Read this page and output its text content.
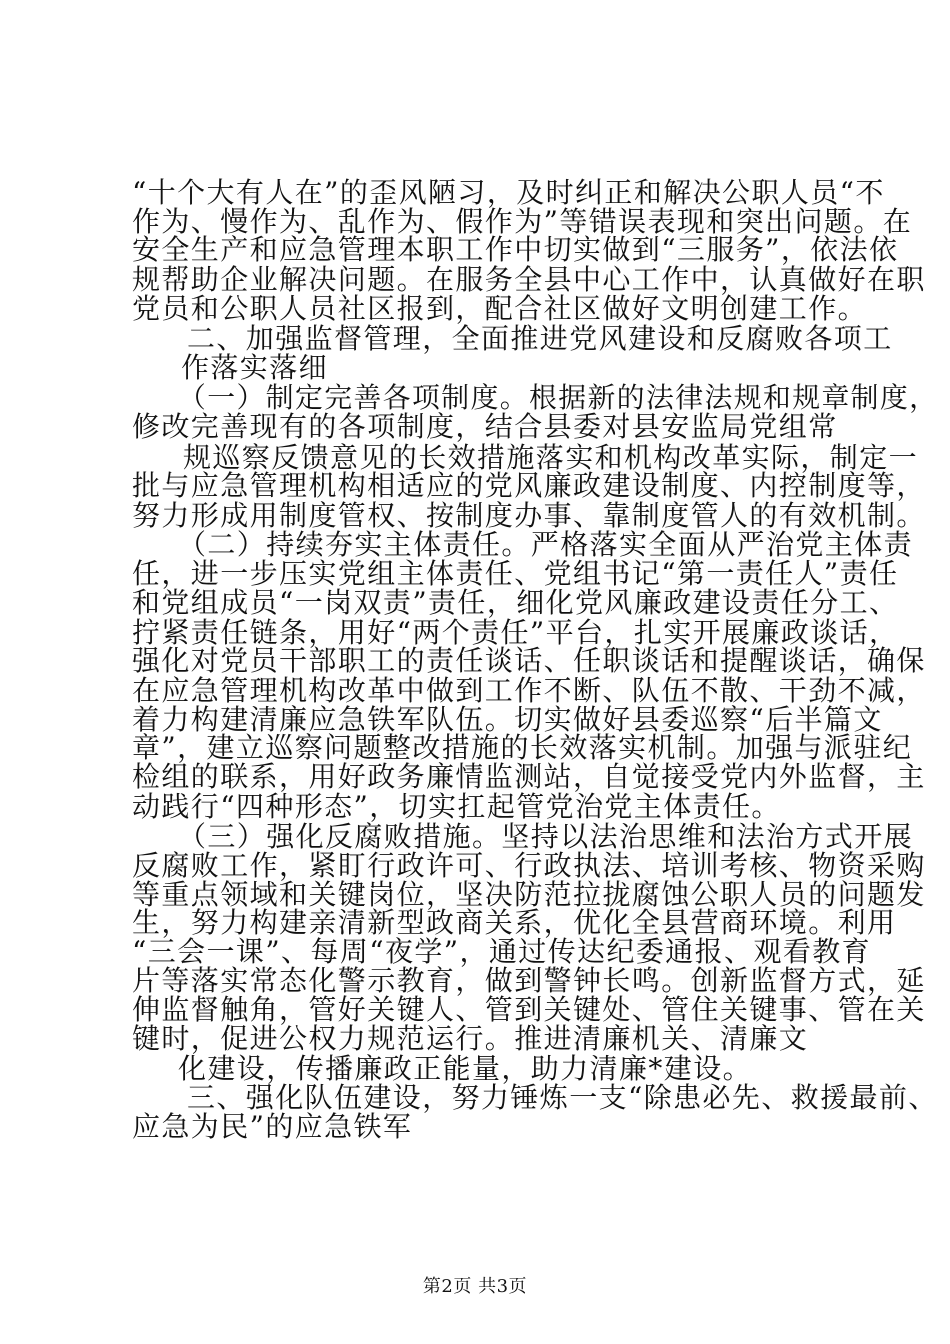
“十个大有人在”的歪风陋习，及时纠正和解决公职人员“不
作为、慢作为、乱作为、假作为”等错误表现和突出问题。在
安全生产和应急管理本职工作中切实做到“三服务”，依法依
规帮助企业解决问题。在服务全县中心工作中，认真做好在职
党员和公职人员社区报到，配合社区做好文明创建工作。
二、加强监督管理，全面推进党风建设和反腐败各项工
作落实落细
（一）制定完善各项制度。根据新的法律法规和规章制度，
修改完善现有的各项制度，结合县委对县安监局党组常
规巡察反馈意见的长效措施落实和机构改革实际，制定一
批与应急管理机构相适应的党风廉政建设制度、内控制度等，
努力形成用制度管权、按制度办事、靠制度管人的有效机制。
（二）持续夯实主体责任。严格落实全面从严治党主体责
任，进一步压实党组主体责任、党组书记“第一责任人”责任
和党组成员“一岗双责”责任，细化党风廉政建设责任分工、
拧紧责任链条，用好“两个责任”平台，扎实开展廉政谈话，
强化对党员干部职工的责任谈话、任职谈话和提醒谈话，确保
在应急管理机构改革中做到工作不断、队伍不散、干劲不减，
着力构建清廉应急铁军队伍。切实做好县委巡察“后半篇文
章”，建立巡察问题整改措施的长效落实机制。加强与派驻纪
检组的联系，用好政务廉情监测站，自觉接受党内外监督，主
动践行“四种形态”，切实扛起管党治党主体责任。
（三）强化反腐败措施。坚持以法治思维和法治方式开展
反腐败工作，紧盯行政许可、行政执法、培训考核、物资采购
等重点领域和关键岗位，坚决防范拉拢腐蚀公职人员的问题发
生，努力构建亲清新型政商关系，优化全县营商环境。利用
“三会一课”、每周“夜学”，通过传达纪委通报、观看教育
片等落实常态化警示教育，做到警钟长鸣。创新监督方式，延
伸监督触角，管好关键人、管到关键处、管住关键事、管在关
键时，促进公权力规范运行。推进清廉机关、清廉文
化建设，传播廉政正能量，助力清廉*建设。
三、强化队伍建设，努力锤炼一支“除患必先、救援最前、
应急为民”的应急铁军
第2页 共3页
